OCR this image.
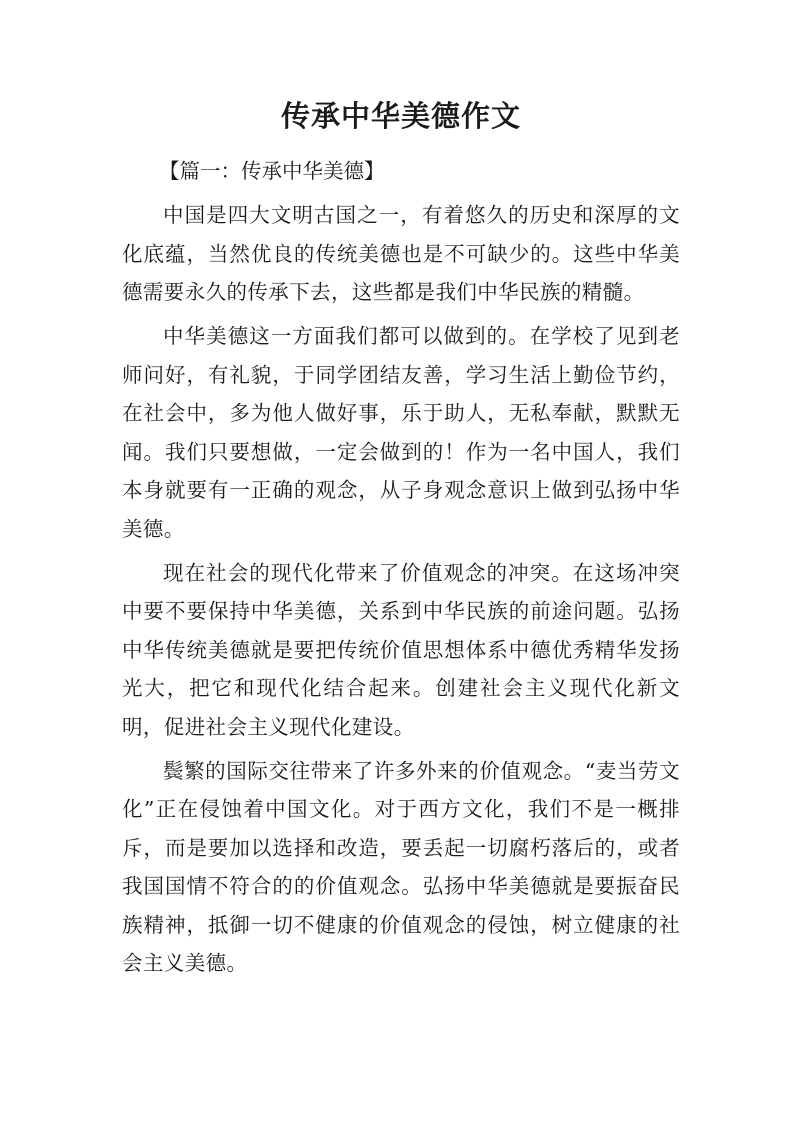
传承中华美德作文

【篇一：传承中华美德】

中国是四大文明古国之一，有着悠久的历史和深厚的文化底蕴，当然优良的传统美德也是不可缺少的。这些中华美德需要永久的传承下去，这些都是我们中华民族的精髓。

中华美德这一方面我们都可以做到的。在学校了见到老师问好，有礼貌，于同学团结友善，学习生活上勤俭节约，在社会中，多为他人做好事，乐于助人，无私奉献，默默无闻。我们只要想做，一定会做到的！作为一名中国人，我们本身就要有一正确的观念，从子身观念意识上做到弘扬中华美德。

现在社会的现代化带来了价值观念的冲突。在这场冲突中要不要保持中华美德，关系到中华民族的前途问题。弘扬中华传统美德就是要把传统价值思想体系中德优秀精华发扬光大，把它和现代化结合起来。创建社会主义现代化新文明，促进社会主义现代化建设。

鬓繁的国际交往带来了许多外来的价值观念。“麦当劳文化”正在侵蚀着中国文化。对于西方文化，我们不是一概排斥，而是要加以选择和改造，要丢起一切腐朽落后的，或者我国国情不符合的的价值观念。弘扬中华美德就是要振奋民族精神，抵御一切不健康的价值观念的侵蚀，树立健康的社会主义美德。
